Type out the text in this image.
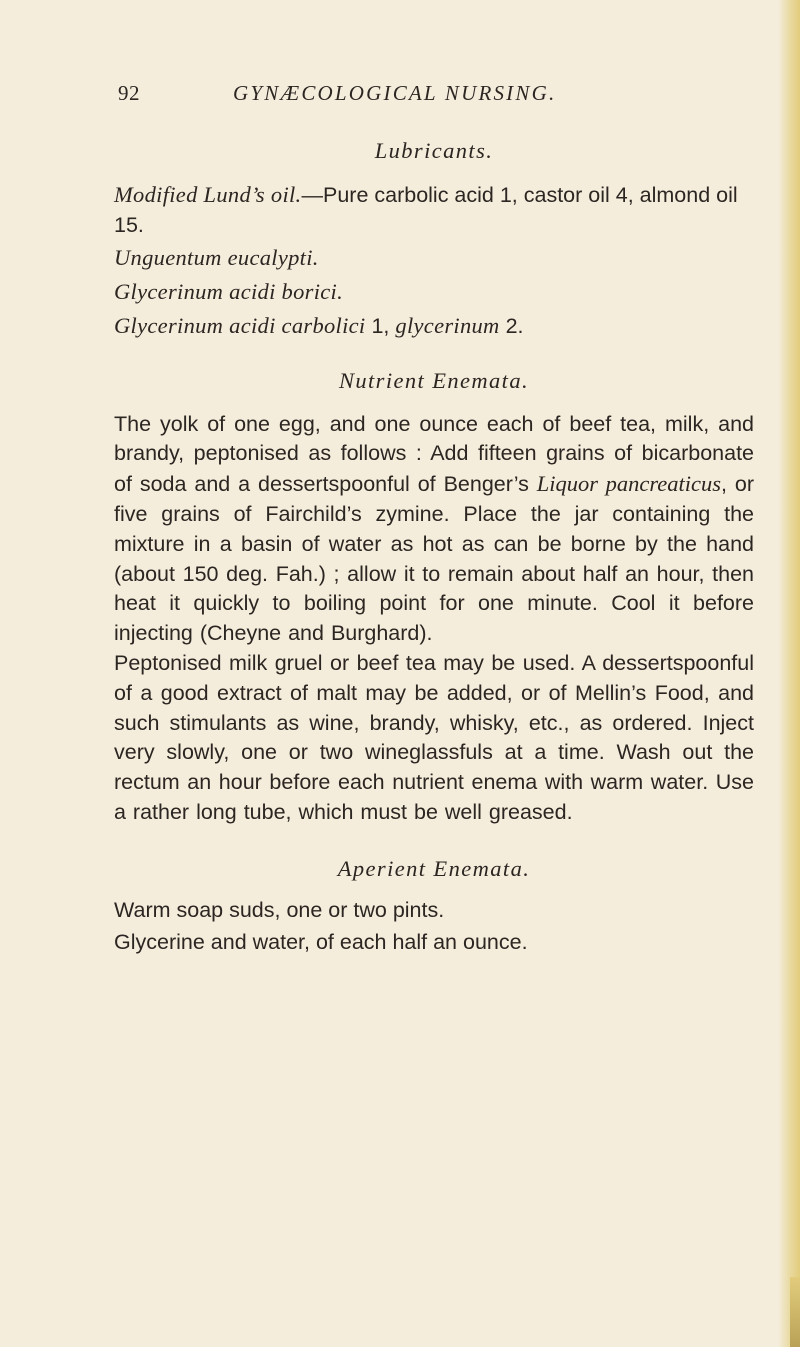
92	GYNÆCOLOGICAL NURSING.
Lubricants.

Modified Lund’s oil.—Pure carbolic acid 1, castor oil 4, almond oil 15.

Unguentum eucalypti.

Glycerinum acidi borici.

Glycerinum acidi carbolici 1, glycerinum 2.

Nutrient Enemata.

The yolk of one egg, and one ounce each of beef tea, milk, and brandy, peptonised as follows : Add fifteen grains of bicarbonate of soda and a dessertspoonful of Benger’s Liquor pancreaticus, or five grains of Fairchild’s zymine. Place the jar containing the mixture in a basin of water as hot as can be borne by the hand (about 150 deg. Fah.) ; allow it to remain about half an hour, then heat it quickly to boiling point for one minute. Cool it before injecting (Cheyne and Burghard).

Peptonised milk gruel or beef tea may be used. A dessertspoonful of a good extract of malt may be added, or of Mellin’s Food, and such stimulants as wine, brandy, whisky, etc., as ordered. Inject very slowly, one or two wineglassfuls at a time. Wash out the rectum an hour before each nutrient enema with warm water. Use a rather long tube, which must be well greased.

Aperient Enemata.

Warm soap suds, one or two pints.

Glycerine and water, of each half an ounce.
